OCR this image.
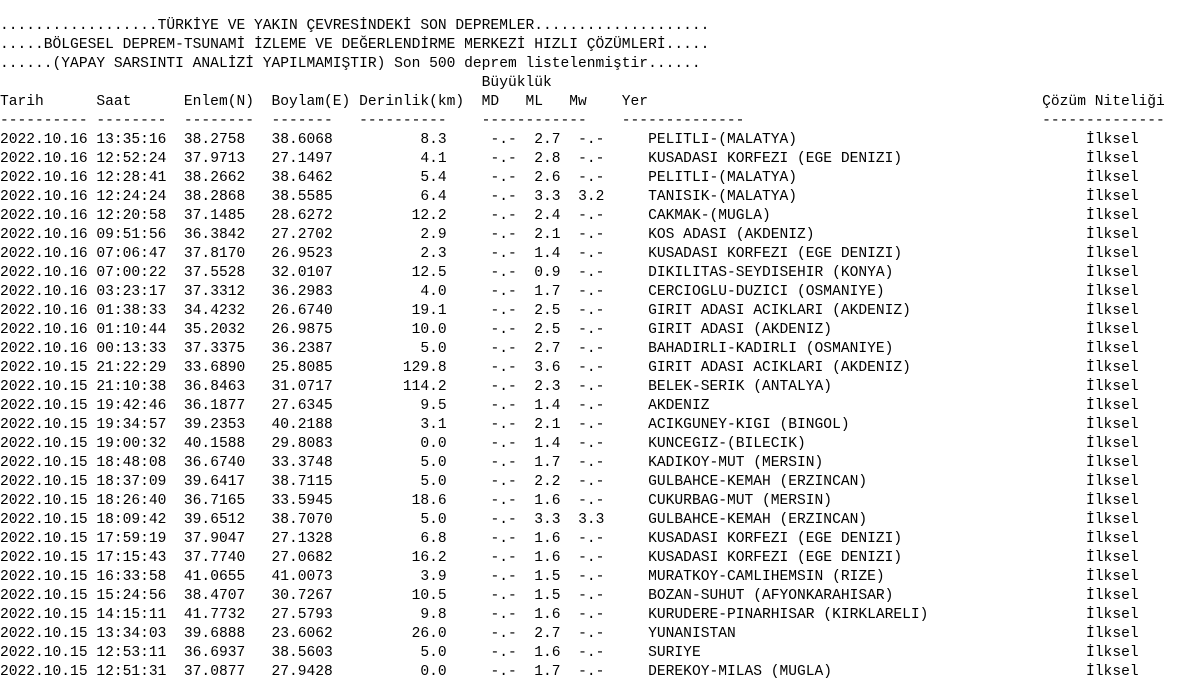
..................TÜRKİYE VE YAKIN ÇEVRESİNDEKİ SON DEPREMLER....................
.....BÖLGESEL DEPREM-TSUNAMİ İZLEME VE DEĞERLENDİRME MERKEZİ HIZLI ÇÖZÜMLERİ.....
......(YAPAY SARSINTI ANALİZİ YAPILMAMIŞTIR) Son 500 deprem listelenmiştir......
Büyüklük
Tarih      Saat      Enlem(N)  Boylam(E) Derinlik(km)  MD   ML   Mw    Yer                                             Çözüm Niteliği
---------- --------  --------  -------   ----------    ------------    --------------                                  --------------
2022.10.16 13:35:16 38.2758 38.6068          8.3	-.- 2.7 -.-	PELITLI-(MALATYA)                                 İlksel
2022.10.16 12:52:24 37.9713 27.1497          4.1	-.- 2.8 -.-	KUSADASI KORFEZI (EGE DENIZI)                     İlksel
2022.10.16 12:28:41 38.2662 38.6462          5.4	-.- 2.6 -.-	PELITLI-(MALATYA)                                 İlksel
2022.10.16 12:24:24 38.2868 38.5585          6.4	-.- 3.3 3.2	TANISIK-(MALATYA)                                 İlksel
2022.10.16 12:20:58 37.1485 28.6272         12.2	-.- 2.4 -.-	CAKMAK-(MUGLA)                                    İlksel
2022.10.16 09:51:56 36.3842 27.2702          2.9	-.- 2.1 -.-	KOS ADASI (AKDENIZ)                               İlksel
2022.10.16 07:06:47 37.8170 26.9523          2.3	-.- 1.4 -.-	KUSADASI KORFEZI (EGE DENIZI)                     İlksel
2022.10.16 07:00:22 37.5528 32.0107         12.5	-.- 0.9 -.-	DIKILITAS-SEYDISEHIR (KONYA)                      İlksel
2022.10.16 03:23:17 37.3312 36.2983          4.0	-.- 1.7 -.-	CERCIOGLU-DUZICI (OSMANIYE)                       İlksel
2022.10.16 01:38:33 34.4232 26.6740         19.1	-.- 2.5 -.-	GIRIT ADASI ACIKLARI (AKDENIZ)                    İlksel
2022.10.16 01:10:44 35.2032 26.9875         10.0	-.- 2.5 -.-	GIRIT ADASI (AKDENIZ)                             İlksel
2022.10.16 00:13:33 37.3375 36.2387          5.0	-.- 2.7 -.-	BAHADIRLI-KADIRLI (OSMANIYE)                      İlksel
2022.10.15 21:22:29 33.6890 25.8085        129.8	-.- 3.6 -.-	GIRIT ADASI ACIKLARI (AKDENIZ)                    İlksel
2022.10.15 21:10:38 36.8463 31.0717        114.2	-.- 2.3 -.-	BELEK-SERIK (ANTALYA)                             İlksel
2022.10.15 19:42:46 36.1877 27.6345          9.5	-.- 1.4 -.-	AKDENIZ                                           İlksel
2022.10.15 19:34:57 39.2353 40.2188          3.1	-.- 2.1 -.-	ACIKGUNEY-KIGI (BINGOL)                           İlksel
2022.10.15 19:00:32 40.1588 29.8083          0.0	-.- 1.4 -.-	KUNCEGIZ-(BILECIK)                                İlksel
2022.10.15 18:48:08 36.6740 33.3748          5.0	-.- 1.7 -.-	KADIKOY-MUT (MERSIN)                              İlksel
2022.10.15 18:37:09 39.6417 38.7115          5.0	-.- 2.2 -.-	GULBAHCE-KEMAH (ERZINCAN)                         İlksel
2022.10.15 18:26:40 36.7165 33.5945         18.6	-.- 1.6 -.-	CUKURBAG-MUT (MERSIN)                             İlksel
2022.10.15 18:09:42 39.6512 38.7070          5.0	-.- 3.3 3.3	GULBAHCE-KEMAH (ERZINCAN)                         İlksel
2022.10.15 17:59:19 37.9047 27.1328          6.8	-.- 1.6 -.-	KUSADASI KORFEZI (EGE DENIZI)                     İlksel
2022.10.15 17:15:43 37.7740 27.0682         16.2	-.- 1.6 -.-	KUSADASI KORFEZI (EGE DENIZI)                     İlksel
2022.10.15 16:33:58 41.0655 41.0073          3.9	-.- 1.5 -.-	MURATKOY-CAMLIHEMSIN (RIZE)                       İlksel
2022.10.15 15:24:56 38.4707 30.7267         10.5	-.- 1.5 -.-	BOZAN-SUHUT (AFYONKARAHISAR)                      İlksel
2022.10.15 14:15:11 41.7732 27.5793          9.8	-.- 1.6 -.-	KURUDERE-PINARHISAR (KIRKLARELI)                  İlksel
2022.10.15 13:34:03 39.6888 23.6062         26.0	-.- 2.7 -.-	YUNANISTAN                                        İlksel
2022.10.15 12:53:11 36.6937 38.5603          5.0	-.- 1.6 -.-	SURIYE                                            İlksel
2022.10.15 12:51:31 37.0877 27.9428          0.0	-.- 1.7 -.-	DEREKOY-MILAS (MUGLA)                             İlksel
